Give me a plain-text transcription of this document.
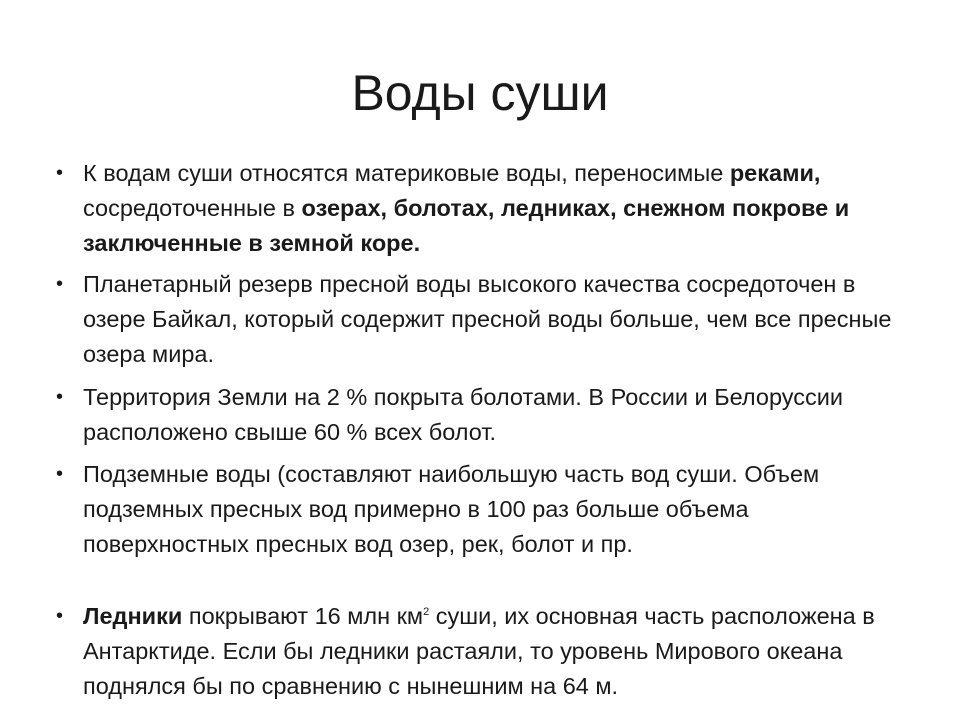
Воды суши
• К водам суши относятся материковые воды, переносимые реками,
сосредоточенные в озерах, болотах, ледниках, снежном покрове и заключенные в земной коре.
• Планетарный резерв пресной воды высокого качества сосредоточен в озере Байкал, который содержит пресной воды больше, чем все пресные озера мира.
• Территория Земли на 2 % покрыта болотами. В России и Белоруссии расположено свыше 60 % всех болот.
• Подземные воды (составляют наибольшую часть вод суши. Объем подземных пресных вод примерно в 100 раз больше объема поверхностных пресных вод озер, рек, болот и пр.
• Ледники покрывают 16 млн $км^2$ суши, их основная часть расположена в Антарктиде. Если бы ледники растаяли, то уровень Мирового океана поднялся бы по сравнению с нынешним на 64 м.
